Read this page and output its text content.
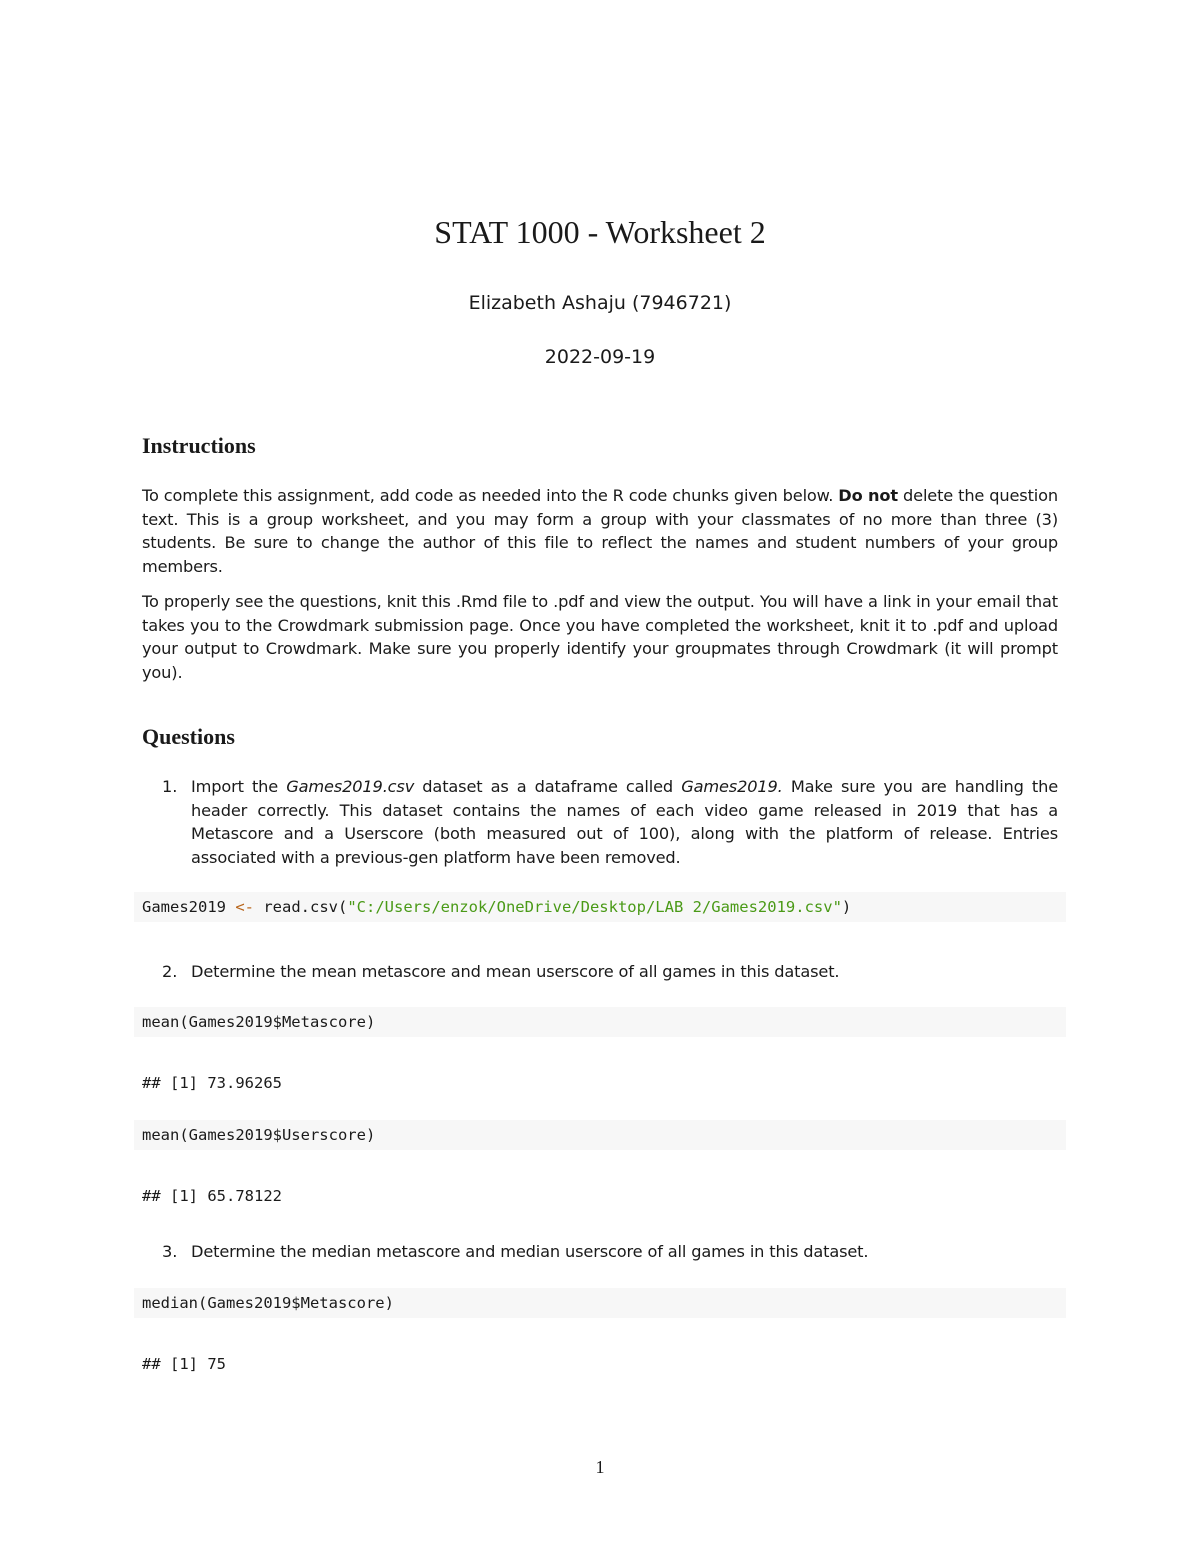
STAT 1000 - Worksheet 2
Elizabeth Ashaju (7946721)
2022-09-19
Instructions
To complete this assignment, add code as needed into the R code chunks given below. Do not delete the question text. This is a group worksheet, and you may form a group with your classmates of no more than three (3) students. Be sure to change the author of this file to reflect the names and student numbers of your group members.
To properly see the questions, knit this .Rmd file to .pdf and view the output. You will have a link in your email that takes you to the Crowdmark submission page. Once you have completed the worksheet, knit it to .pdf and upload your output to Crowdmark. Make sure you properly identify your groupmates through Crowdmark (it will prompt you).
Questions
1. Import the Games2019.csv dataset as a dataframe called Games2019. Make sure you are handling the header correctly. This dataset contains the names of each video game released in 2019 that has a Metascore and a Userscore (both measured out of 100), along with the platform of release. Entries associated with a previous-gen platform have been removed.
Games2019 <- read.csv("C:/Users/enzok/OneDrive/Desktop/LAB 2/Games2019.csv")
2. Determine the mean metascore and mean userscore of all games in this dataset.
mean(Games2019$Metascore)
## [1] 73.96265
mean(Games2019$Userscore)
## [1] 65.78122
3. Determine the median metascore and median userscore of all games in this dataset.
median(Games2019$Metascore)
## [1] 75
1
